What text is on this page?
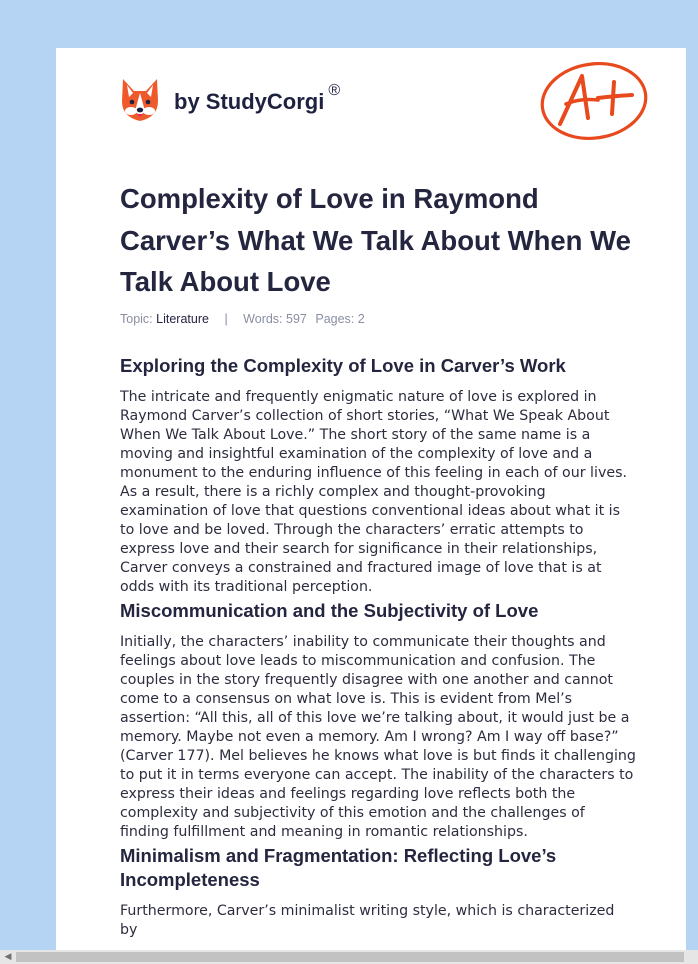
by StudyCorgi ®
A+
Complexity of Love in Raymond Carver’s What We Talk About When We Talk About Love
Topic: Literature | Words: 597 Pages: 2
Exploring the Complexity of Love in Carver’s Work

The intricate and frequently enigmatic nature of love is explored in Raymond Carver’s collection of short stories, “What We Speak About When We Talk About Love.” The short story of the same name is a moving and insightful examination of the complexity of love and a monument to the enduring influence of this feeling in each of our lives. As a result, there is a richly complex and thought-provoking examination of love that questions conventional ideas about what it is to love and be loved. Through the characters’ erratic attempts to express love and their search for significance in their relationships, Carver conveys a constrained and fractured image of love that is at odds with its traditional perception.

Miscommunication and the Subjectivity of Love

Initially, the characters’ inability to communicate their thoughts and feelings about love leads to miscommunication and confusion. The couples in the story frequently disagree with one another and cannot come to a consensus on what love is. This is evident from Mel’s assertion: “All this, all of this love we’re talking about, it would just be a memory. Maybe not even a memory. Am I wrong? Am I way off base?” (Carver 177). Mel believes he knows what love is but finds it challenging to put it in terms everyone can accept. The inability of the characters to express their ideas and feelings regarding love reflects both the complexity and subjectivity of this emotion and the challenges of finding fulfillment and meaning in romantic relationships.

Minimalism and Fragmentation: Reflecting Love’s Incompleteness

Furthermore, Carver’s minimalist writing style, which is characterized by

◀
